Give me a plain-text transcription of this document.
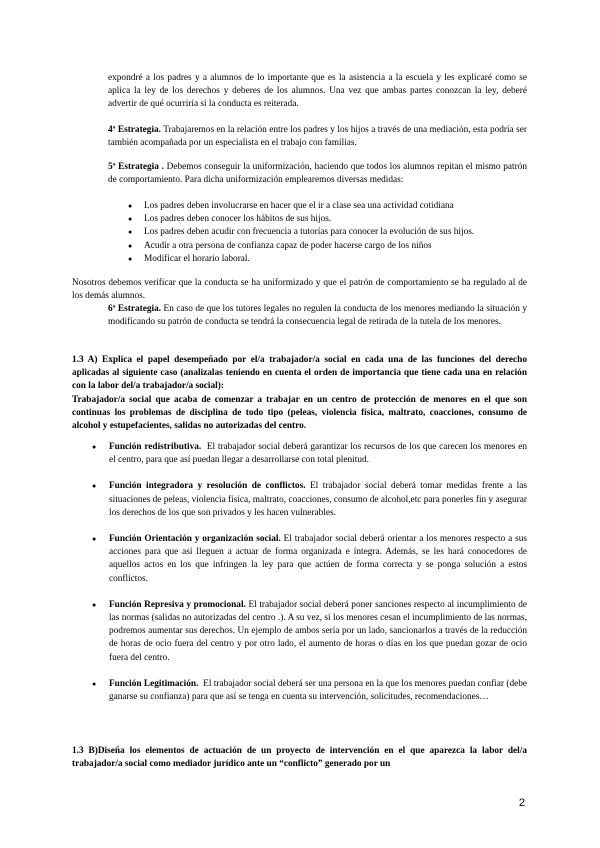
expondré a los padres y a alumnos de lo importante que es la asistencia a la escuela y les explicaré como se aplica la ley de los derechos y deberes de los alumnos. Una vez que ambas partes conozcan la ley, deberé advertir de qué ocurriría si la conducta es reiterada.

4ª Estrategia. Trabajaremos en la relación entre los padres y los hijos a través de una mediación, esta podría ser también acompañada por un especialista en el trabajo con familias.

5ª Estrategia . Debemos conseguir la uniformización, haciendo que todos los alumnos repitan el mismo patrón de comportamiento. Para dicha uniformización emplearemos diversas medidas:

● Los padres deben involucrarse en hacer que el ir a clase sea una actividad cotidiana

● Los padres deben conocer los hábitos de sus hijos.

● Los padres deben acudir con frecuencia a tutorías para conocer la evolución de sus hijos.

● Acudir a otra persona de confianza capaz de poder hacerse cargo de los niños

● Modificar el horario laboral.

Nosotros debemos verificar que la conducta se ha uniformizado y que el patrón de comportamiento se ha regulado al de los demás alumnos.

6ª Estrategia. En caso de que los tutores legales no regulen la conducta de los menores mediando la situación y modificando su patrón de conducta se tendrá la consecuencia legal de retirada de la tutela de los menores.

1.3 A) Explica el papel desempeñado por el/a trabajador/a social en cada una de las funciones del derecho aplicadas al siguiente caso (analizalas teniendo en cuenta el orden de importancia que tiene cada una en relación con la labor del/a trabajador/a social):

Trabajador/a social que acaba de comenzar a trabajar en un centro de protección de menores en el que son continuas los problemas de disciplina de todo tipo (peleas, violencia física, maltrato, coacciones, consumo de alcohol y estupefacientes, salidas no autorizadas del centro.

● Función redistributiva. El trabajador social deberá garantizar los recursos de los que carecen los menores en el centro, para que así puedan llegar a desarrollarse con total plenitud.

● Función integradora y resolución de conflictos. El trabajador social deberá tomar medidas frente a las situaciones de peleas, violencia física, maltrato, coacciones, consumo de alcohol,etc para ponerles fin y asegurar los derechos de los que son privados y les hacen vulnerables.

● Función Orientación y organización social. El trabajador social deberá orientar a los menores respecto a sus acciones para que así lleguen a actuar de forma organizada e íntegra. Además, se les hará conocedores de aquellos actos en los que infringen la ley para que actúen de forma correcta y se ponga solución a estos conflictos.

● Función Represiva y promocional. El trabajador social deberá poner sanciones respecto al incumplimiento de las normas (salidas no autorizadas del centro .). A su vez, si los menores cesan el incumplimiento de las normas, podremos aumentar sus derechos. Un ejemplo de ambos sería por un lado, sancionarlos a través de la reducción de horas de ocio fuera del centro y por otro lado, el aumento de horas o días en los que puedan gozar de ocio fuera del centro.

● Función Legitimación. El trabajador social deberá ser una persona en la que los menores puedan confiar (debe ganarse su confianza) para que así se tenga en cuenta su intervención, solicitudes, recomendaciones…

1.3 B)Diseña los elementos de actuación de un proyecto de intervención en el que aparezca la labor del/a trabajador/a social como mediador jurídico ante un “conflicto” generado por un

2
